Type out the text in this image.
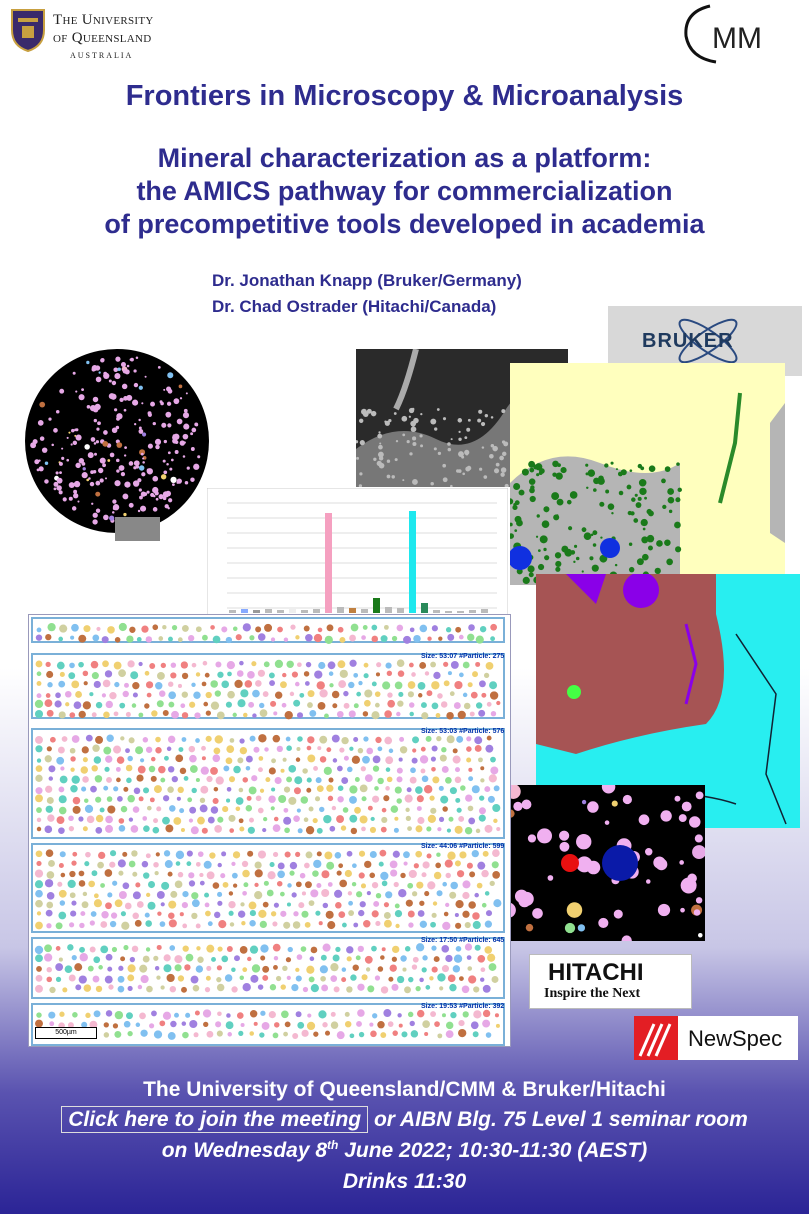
The University
of Queensland
AUSTRALIA
MM
Frontiers in Microscopy & Microanalysis
Mineral characterization as a platform:
the AMICS pathway for commercialization
of precompetitive tools developed in academia
Dr. Jonathan Knapp (Bruker/Germany)
Dr. Chad Ostrader (Hitachi/Canada)
BRUKER
Size: 53:07 #Particle: 275
Size: 53:03 #Particle: 576
Size: 44:06 #Particle: 599
Size: 17:50 #Particle: 645
Size: 19:53 #Particle: 392
500µm
HITACHI
Inspire the Next
NewSpec
The University of Queensland/CMM & Bruker/Hitachi
Click here to join the meeting or AIBN Blg. 75 Level 1 seminar room
on Wednesday 8th June 2022; 10:30-11:30 (AEST)
Drinks 11:30
